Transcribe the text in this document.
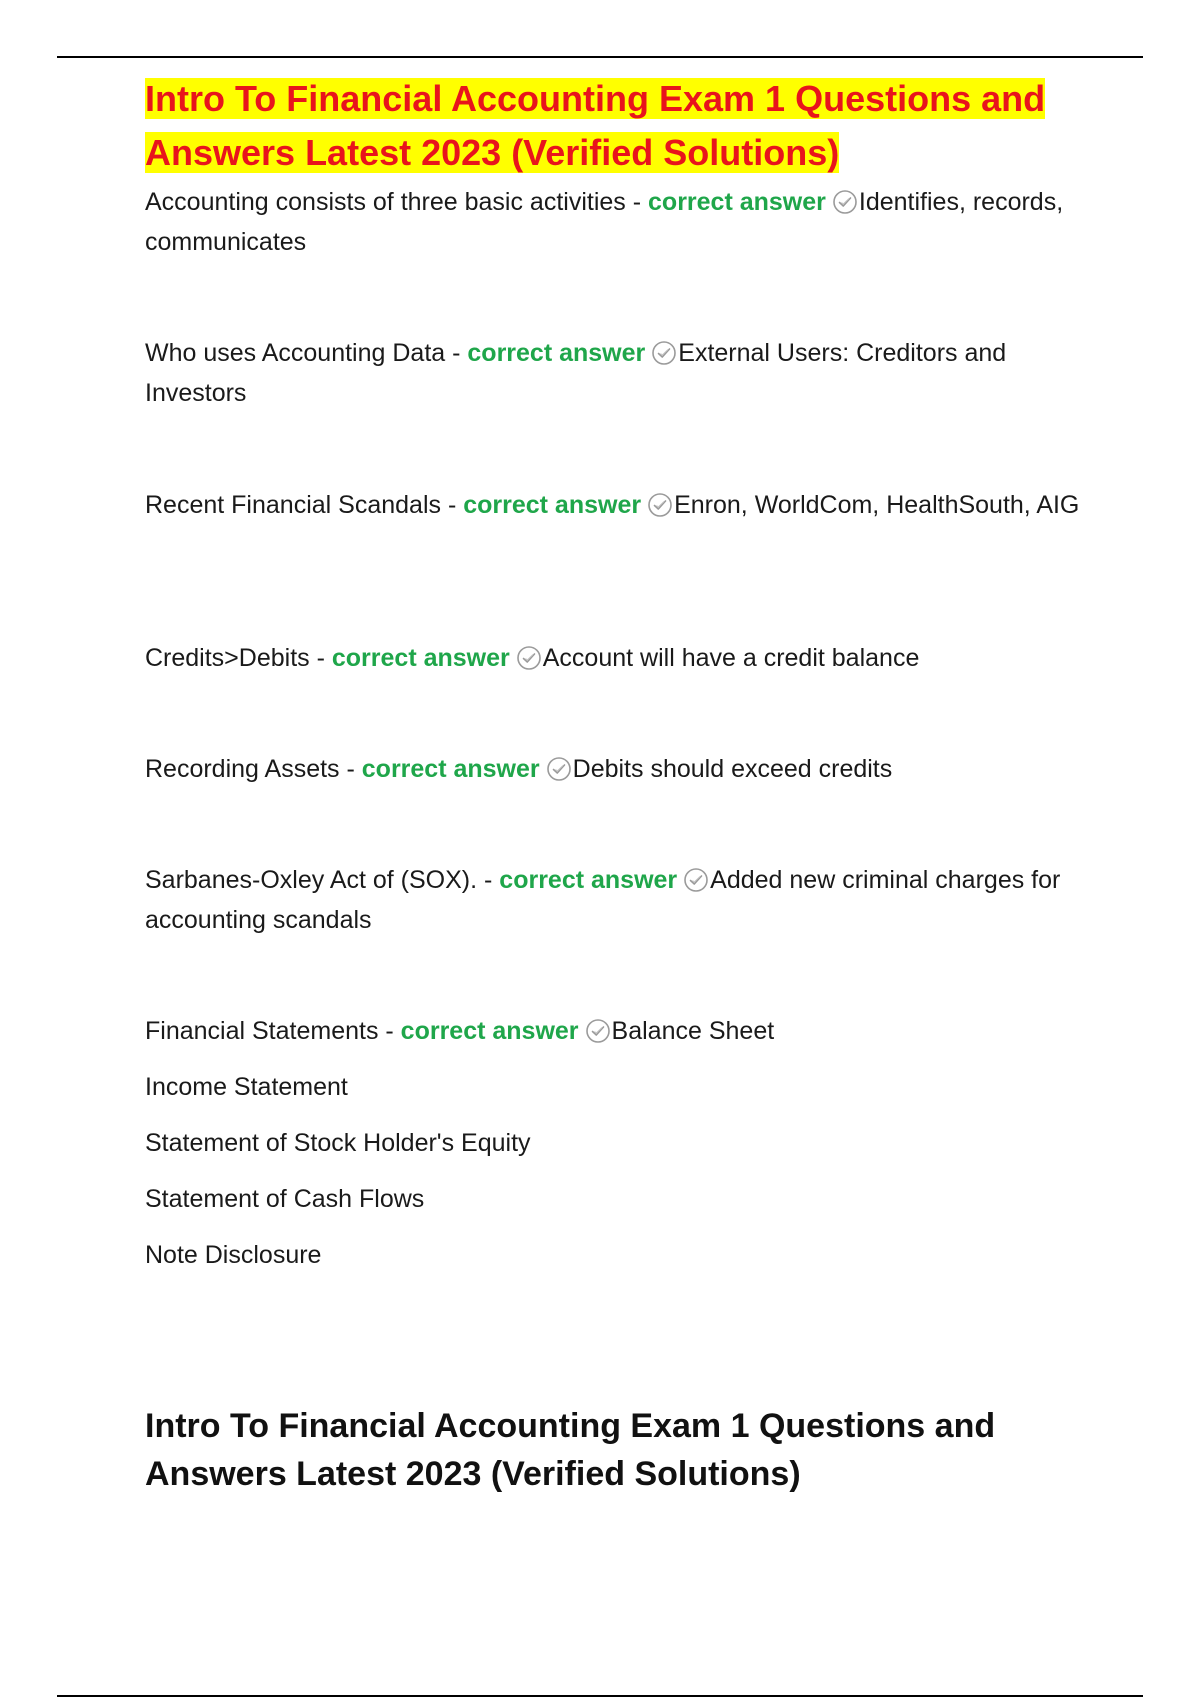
Intro To Financial Accounting Exam 1 Questions and Answers Latest 2023 (Verified Solutions)

Accounting consists of three basic activities - correct answer Identifies, records, communicates

Who uses Accounting Data - correct answer External Users: Creditors and Investors

Recent Financial Scandals - correct answer Enron, WorldCom, HealthSouth, AIG

Credits>Debits - correct answer Account will have a credit balance

Recording Assets - correct answer Debits should exceed credits

Sarbanes-Oxley Act of (SOX). - correct answer Added new criminal charges for accounting scandals

Financial Statements - correct answer Balance Sheet

Income Statement

Statement of Stock Holder's Equity

Statement of Cash Flows

Note Disclosure

Intro To Financial Accounting Exam 1 Questions and Answers Latest 2023 (Verified Solutions)
